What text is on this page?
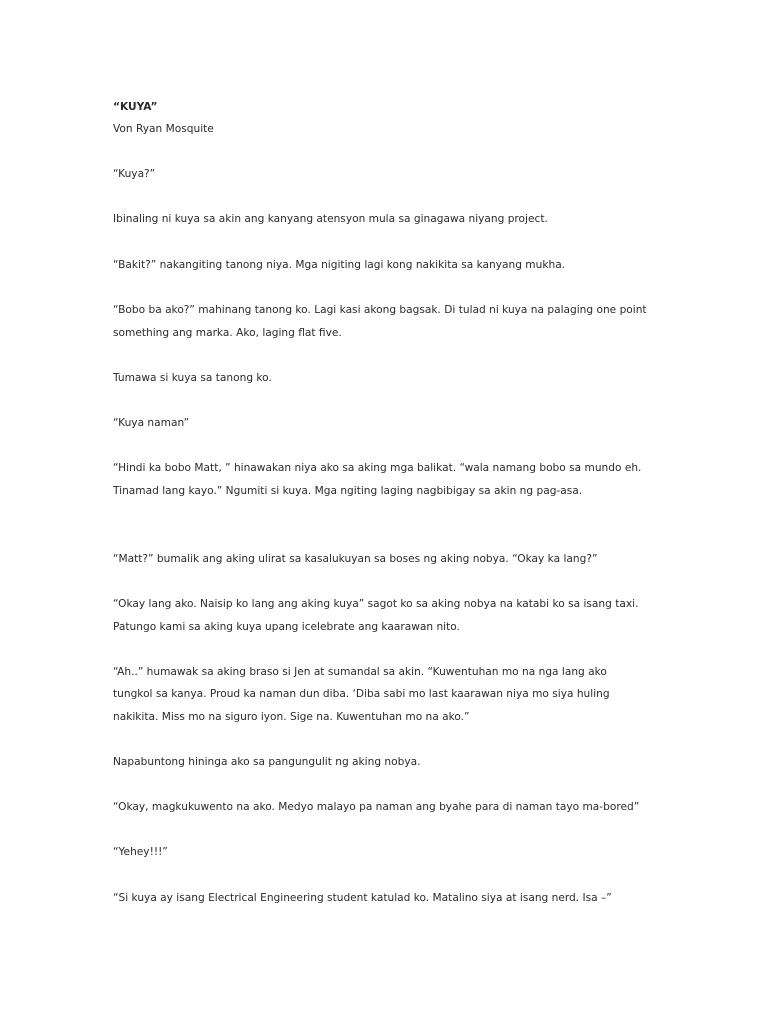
“KUYA”
Von Ryan Mosquite
“Kuya?”
Ibinaling ni kuya sa akin ang kanyang atensyon mula sa ginagawa niyang project.
“Bakit?” nakangiting tanong niya. Mga nigiting lagi kong nakikita sa kanyang mukha.
“Bobo ba ako?” mahinang tanong ko. Lagi kasi akong bagsak. Di tulad ni kuya na palaging one point
something ang marka. Ako, laging flat five.
Tumawa si kuya sa tanong ko.
“Kuya naman”
“Hindi ka bobo Matt, ” hinawakan niya ako sa aking mga balikat. “wala namang bobo sa mundo eh.
Tinamad lang kayo.” Ngumiti si kuya. Mga ngiting laging nagbibigay sa akin ng pag-asa.
“Matt?” bumalik ang aking ulirat sa kasalukuyan sa boses ng aking nobya. “Okay ka lang?”
“Okay lang ako. Naisip ko lang ang aking kuya” sagot ko sa aking nobya na katabi ko sa isang taxi.
Patungo kami sa aking kuya upang icelebrate ang kaarawan nito.
“Ah..” humawak sa aking braso si Jen at sumandal sa akin. “Kuwentuhan mo na nga lang ako
tungkol sa kanya. Proud ka naman dun diba. ‘Diba sabi mo last kaarawan niya mo siya huling
nakikita. Miss mo na siguro iyon. Sige na. Kuwentuhan mo na ako.”
Napabuntong hininga ako sa pangungulit ng aking nobya.
“Okay, magkukuwento na ako. Medyo malayo pa naman ang byahe para di naman tayo ma-bored”
“Yehey!!!”
“Si kuya ay isang Electrical Engineering student katulad ko. Matalino siya at isang nerd. Isa –”
